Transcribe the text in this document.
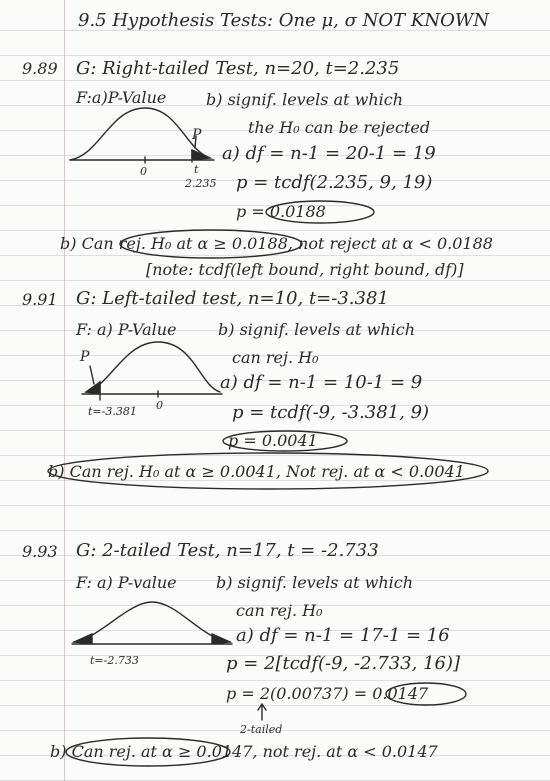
9.5 Hypothesis Tests: One μ, σ NOT KNOWN
9.89 G: Right-tailed Test, n=20, t=2.235
F:a)P-Value b) signif. levels at which
the H₀ can be rejected
P
0	t
2.235
a) df = n-1 = 20-1 = 19
p = tcdf(2.235, 9, 19)
p = 0.0188
b) Can rej. H₀ at α ≥ 0.0188, not reject at α < 0.0188
[note: tcdf(left bound, right bound, df)]
9.91 G: Left-tailed test, n=10, t=-3.381
F: a) P-Value	b) signif. levels at which
can rej. H₀
P
t=-3.381 0
a) df = n-1 = 10-1 = 9
p = tcdf(-9, -3.381, 9)
p = 0.0041
b) Can rej. H₀ at α ≥ 0.0041, Not rej. at α < 0.0041
9.93 G: 2-tailed Test, n=17, t = -2.733
F: a) P-value b) signif. levels at which
can rej. H₀
a) df = n-1 = 17-1 = 16
t=-2.733	p = 2[tcdf(-9, -2.733, 16)]
p = 2(0.00737) = 0.0147
2-tailed
b) Can rej. at α ≥ 0.0147, not rej. at α < 0.0147
